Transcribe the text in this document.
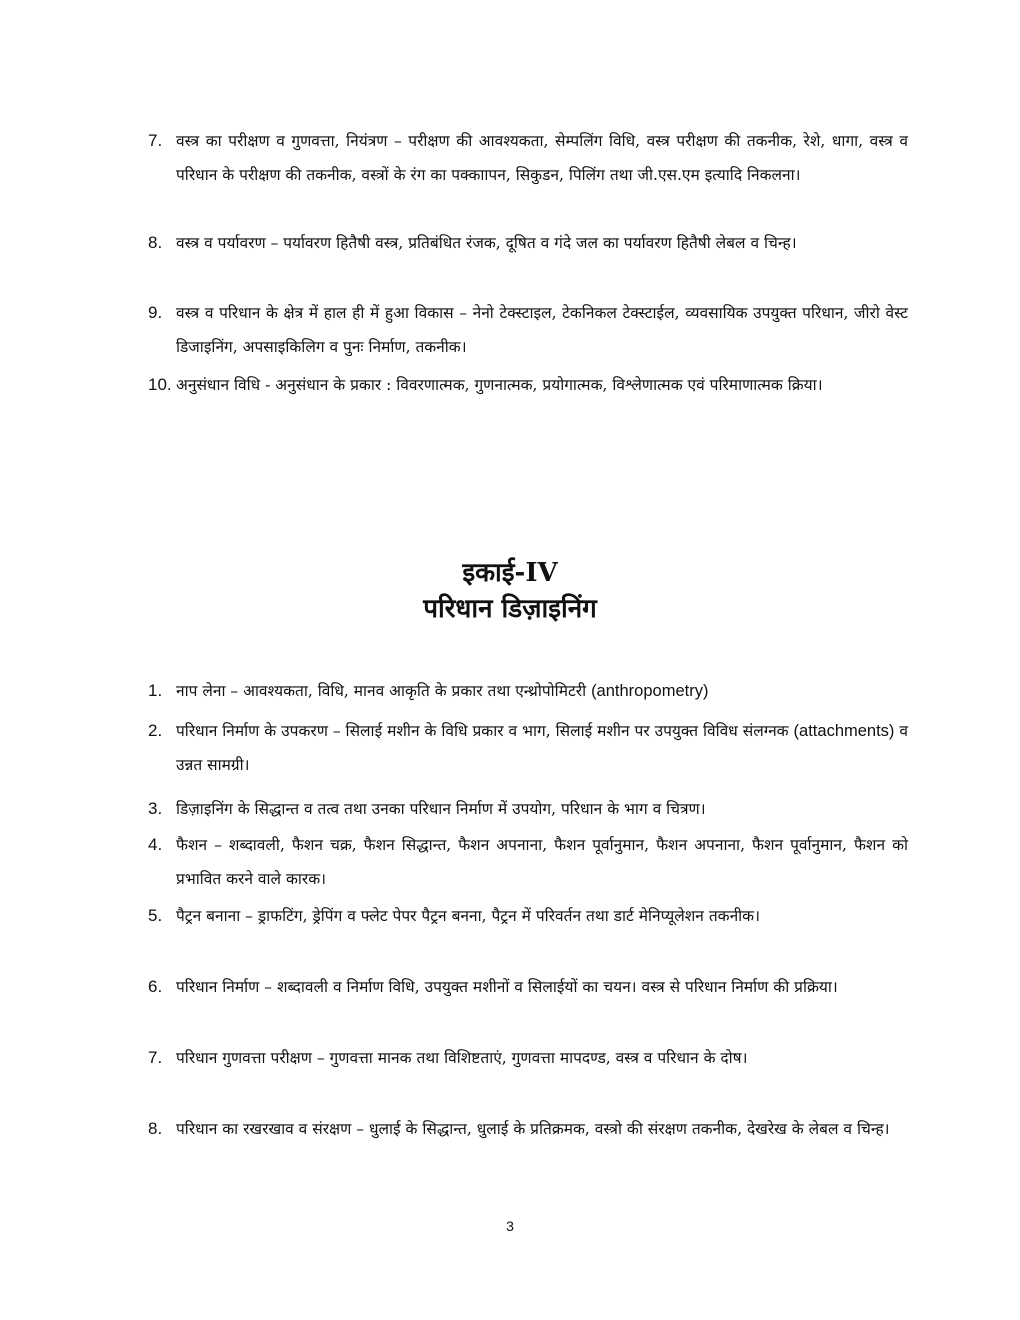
7. वस्त्र का परीक्षण व गुणवत्ता, नियंत्रण – परीक्षण की आवश्यकता, सेम्पलिंग विधि, वस्त्र परीक्षण की तकनीक, रेशे, धागा, वस्त्र व परिधान के परीक्षण की तकनीक, वस्त्रों के रंग का पक्काापन, सिकुडन, पिलिंग तथा जी.एस.एम इत्यादि निकलना।
8. वस्त्र व पर्यावरण – पर्यावरण हितैषी वस्त्र, प्रतिबंधित रंजक, दूषित व गंदे जल का पर्यावरण हितैषी लेबल व चिन्ह।
9. वस्त्र व परिधान के क्षेत्र में हाल ही में हुआ विकास – नेनो टेक्स्टाइल, टेकनिकल टेक्स्टाईल, व्यवसायिक उपयुक्त परिधान, जीरो वेस्ट डिजाइनिंग, अपसाइकिलिग व पुनः निर्माण, तकनीक।
10. अनुसंधान विधि - अनुसंधान के प्रकार : विवरणात्मक, गुणनात्मक, प्रयोगात्मक, विश्लेणात्मक एवं परिमाणात्मक क्रिया।
इकाई-IV
परिधान डिज़ाइनिंग
1. नाप लेना – आवश्यकता, विधि, मानव आकृति के प्रकार तथा एन्थ्रोपोमिटरी (anthropometry)
2. परिधान निर्माण के उपकरण – सिलाई मशीन के विधि प्रकार व भाग, सिलाई मशीन पर उपयुक्त विविध संलग्नक (attachments) व उन्नत सामग्री।
3. डिज़ाइनिंग के सिद्धान्त व तत्व तथा उनका परिधान निर्माण में उपयोग, परिधान के भाग व चित्रण।
4. फैशन – शब्दावली, फैशन चक्र, फैशन सिद्धान्त, फैशन अपनाना, फैशन पूर्वानुमान, फैशन अपनाना, फैशन पूर्वानुमान, फैशन को प्रभावित करने वाले कारक।
5. पैट्रन बनाना – ड्राफटिंग, ड्रेपिंग व फ्लेट पेपर पैट्रन बनना, पैट्रन में परिवर्तन तथा डार्ट मेनिप्यूलेशन तकनीक।
6. परिधान निर्माण – शब्दावली व निर्माण विधि, उपयुक्त मशीनों व सिलाईयों का चयन। वस्त्र से परिधान निर्माण की प्रक्रिया।
7. परिधान गुणवत्ता परीक्षण – गुणवत्ता मानक तथा विशिष्टताएं, गुणवत्ता मापदण्ड, वस्त्र व परिधान के दोष।
8. परिधान का रखरखाव व संरक्षण – धुलाई के सिद्धान्त, धुलाई के प्रतिक्रमक, वस्त्रो की संरक्षण तकनीक, देखरेख के लेबल व चिन्ह।
3
